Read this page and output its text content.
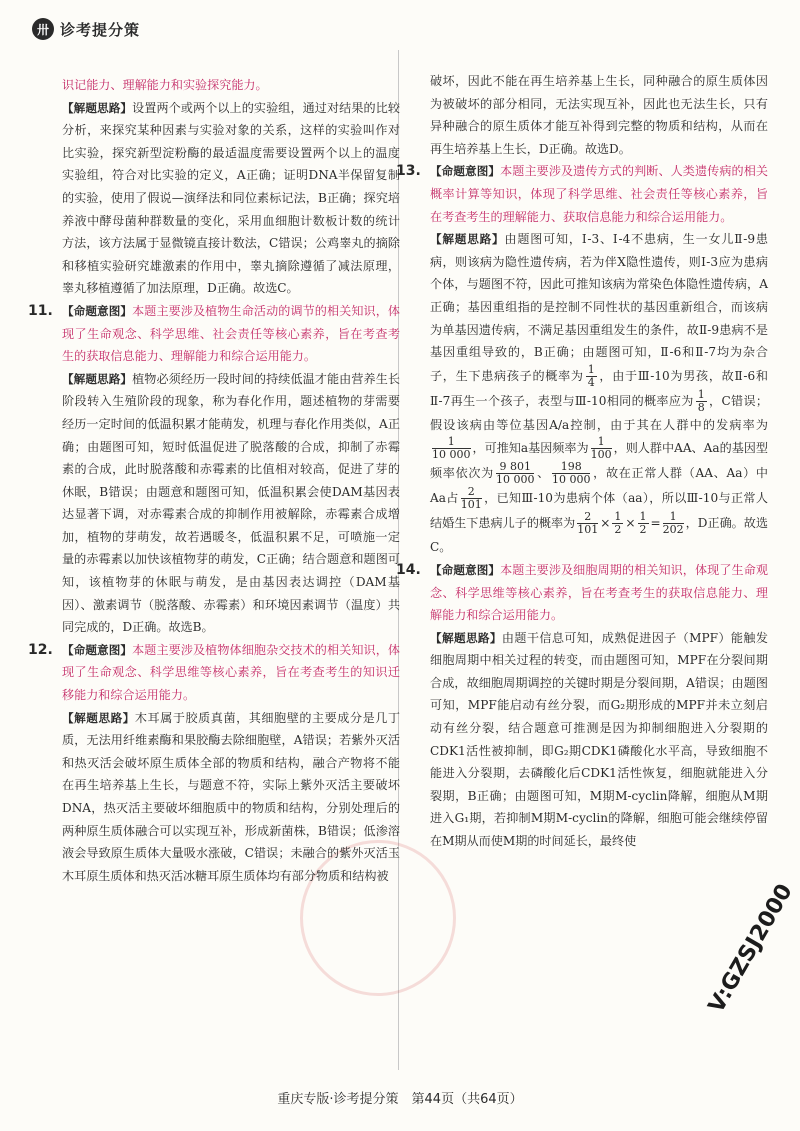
卅 诊考提分策

识记能力、理解能力和实验探究能力。

【解题思路】设置两个或两个以上的实验组，通过对结果的比较分析，来探究某种因素与实验对象的关系，这样的实验叫作对比实验，探究新型淀粉酶的最适温度需要设置两个以上的温度实验组，符合对比实验的定义，A正确；证明DNA半保留复制的实验，使用了假说—演绎法和同位素标记法，B正确；探究培养液中酵母菌种群数量的变化，采用血细胞计数板计数的统计方法，该方法属于显微镜直接计数法，C错误；公鸡睾丸的摘除和移植实验研究雄激素的作用中，睾丸摘除遵循了减法原理，睾丸移植遵循了加法原理，D正确。故选C。

11. 【命题意图】本题主要涉及植物生命活动的调节的相关知识，体现了生命观念、科学思维、社会责任等核心素养，旨在考查考生的获取信息能力、理解能力和综合运用能力。

【解题思路】植物必须经历一段时间的持续低温才能由营养生长阶段转入生殖阶段的现象，称为春化作用，题述植物的芽需要经历一定时间的低温积累才能萌发，机理与春化作用类似，A正确；由题图可知，短时低温促进了脱落酸的合成，抑制了赤霉素的合成，此时脱落酸和赤霉素的比值相对较高，促进了芽的休眠，B错误；由题意和题图可知，低温积累会使DAM基因表达显著下调，对赤霉素合成的抑制作用被解除，赤霉素合成增加，植物的芽萌发，故若遇暖冬，低温积累不足，可喷施一定量的赤霉素以加快该植物芽的萌发，C正确；结合题意和题图可知，该植物芽的休眠与萌发，是由基因表达调控（DAM基因）、激素调节（脱落酸、赤霉素）和环境因素调节（温度）共同完成的，D正确。故选B。

12. 【命题意图】本题主要涉及植物体细胞杂交技术的相关知识，体现了生命观念、科学思维等核心素养，旨在考查考生的知识迁移能力和综合运用能力。

【解题思路】木耳属于胶质真菌，其细胞壁的主要成分是几丁质，无法用纤维素酶和果胶酶去除细胞壁，A错误；若紫外灭活和热灭活会破坏原生质体全部的物质和结构，融合产物将不能在再生培养基上生长，与题意不符，实际上紫外灭活主要破坏DNA，热灭活主要破坏细胞质中的物质和结构，分别处理后的两种原生质体融合可以实现互补，形成新菌株，B错误；低渗溶液会导致原生质体大量吸水涨破，C错误；未融合的紫外灭活玉木耳原生质体和热灭活冰糖耳原生质体均有部分物质和结构被

破坏，因此不能在再生培养基上生长，同种融合的原生质体因为被破坏的部分相同，无法实现互补，因此也无法生长，只有异种融合的原生质体才能互补得到完整的物质和结构，从而在再生培养基上生长，D正确。故选D。

13. 【命题意图】本题主要涉及遗传方式的判断、人类遗传病的相关概率计算等知识，体现了科学思维、社会责任等核心素养，旨在考查考生的理解能力、获取信息能力和综合运用能力。

【解题思路】由题图可知，Ⅰ-3、Ⅰ-4不患病，生一女儿Ⅱ-9患病，则该病为隐性遗传病，若为伴X隐性遗传，则Ⅰ-3应为患病个体，与题图不符，因此可推知该病为常染色体隐性遗传病，A正确；基因重组指的是控制不同性状的基因重新组合，而该病为单基因遗传病，不满足基因重组发生的条件，故Ⅱ-9患病不是基因重组导致的，B正确；由题图可知，Ⅱ-6和Ⅱ-7均为杂合子，生下患病孩子的概率为 $\frac{1}{4}$ ，由于Ⅲ-10为男孩，故Ⅱ-6和Ⅱ-7再生一个孩子，表型与Ⅲ-10相同的概率应为 $\frac{1}{8}$ ，C错误；假设该病由等位基因A/a控制，由于其在人群中的发病率为
$\frac{1}{10 000}$ ，可推知a基因频率为 $\frac{1}{100}$ ，则人群中AA、Aa的基因型频率依次为 $\frac{9 801}{10 000}$ 、 $\frac{198}{10 000}$ ，故在正常人群（AA、Aa）中Aa占 $\frac{2}{101}$ ，已知Ⅲ-10为患病个体（aa），所以Ⅲ-10与正常人结婚生下患病儿子的概率为 $\frac{2}{101} \times \frac{1}{2} \times \frac{1}{2} = \frac{1}{202}$ ，D正确。故选C。

14. 【命题意图】本题主要涉及细胞周期的相关知识，体现了生命观念、科学思维等核心素养，旨在考查考生的获取信息能力、理解能力和综合运用能力。

【解题思路】由题干信息可知，成熟促进因子（MPF）能触发细胞周期中相关过程的转变，而由题图可知，MPF在分裂间期合成，故细胞周期调控的关键时期是分裂间期，A错误；由题图可知，MPF能启动有丝分裂，而G₂期形成的MPF并未立刻启动有丝分裂，结合题意可推测是因为抑制细胞进入分裂期的CDK1活性被抑制，即G₂期CDK1磷酸化水平高，导致细胞不能进入分裂期，去磷酸化后CDK1活性恢复，细胞就能进入分裂期，B正确；由题图可知，M期M-cyclin降解，细胞从M期进入G₁期，若抑制M期M-cyclin的降解，细胞可能会继续停留在M期从而使M期的时间延长，最终使

重庆专版·诊考提分策　第44页（共64页）
V:GZSJ2000
